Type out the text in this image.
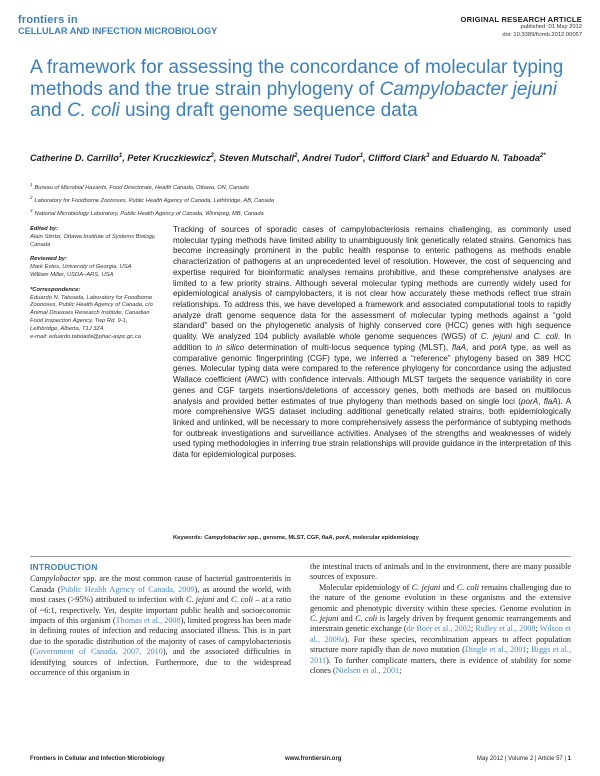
frontiers in
CELLULAR AND INFECTION MICROBIOLOGY
ORIGINAL RESEARCH ARTICLE
published: 01 May 2012
doi: 10.3389/fcimb.2012.00057
A framework for assessing the concordance of molecular typing methods and the true strain phylogeny of Campylobacter jejuni and C. coli using draft genome sequence data
Catherine D. Carrillo$^1$, Peter Kruczkiewicz$^2$, Steven Mutschall$^2$, Andrei Tudor$^1$, Clifford Clark$^3$ and Eduardo N. Taboada$^{2*}$
$^1$Bureau of Microbial Hazards, Food Directorate, Health Canada, Ottawa, ON, Canada
$^2$Laboratory for Foodborne Zoonoses, Public Health Agency of Canada, Lethbridge, AB, Canada
$^3$National Microbiology Laboratory, Public Health Agency of Canada, Winnipeg, MB, Canada
Edited by:
Alain Stintzi, Ottawa Institute of Systems Biology, Canada
Reviewed by:
Mark Estes, University of Georgia, USA
William Miller, USDA–ARS, USA
*Correspondence:
Eduardo N. Taboada, Laboratory for Foodborne Zoonoses, Public Health Agency of Canada, c/o Animal Diseases Research Institute, Canadian Food Inspection Agency, Twp Rd. 9-1, Lethbridge, Alberta, T1J 3Z4.
e-mail: eduardo.taboada@phac-aspc.gc.ca
Tracking of sources of sporadic cases of campylobacteriosis remains challenging, as commonly used molecular typing methods have limited ability to unambiguously link genetically related strains. Genomics has become increasingly prominent in the public health response to enteric pathogens as methods enable characterization of pathogens at an unprecedented level of resolution. However, the cost of sequencing and expertise required for bioinformatic analyses remains prohibitive, and these comprehensive analyses are limited to a few priority strains. Although several molecular typing methods are currently widely used for epidemiological analysis of campylobacters, it is not clear how accurately these methods reflect true strain relationships. To address this, we have developed a framework and associated computational tools to rapidly analyze draft genome sequence data for the assessment of molecular typing methods against a “gold standard” based on the phylogenetic analysis of highly conserved core (HCC) genes with high sequence quality. We analyzed 104 publicly available whole genome sequences (WGS) of C. jejuni and C. coli. In addition to in silico determination of multi-locus sequence typing (MLST), flaA, and porA type, as well as comparative genomic fingerprinting (CGF) type, we inferred a “reference” phylogeny based on 389 HCC genes. Molecular typing data were compared to the reference phylogeny for concordance using the adjusted Wallace coefficient (AWC) with confidence intervals. Although MLST targets the sequence variability in core genes and CGF targets insertions/deletions of accessory genes, both methods are based on multilocus analysis and provided better estimates of true phylogeny than methods based on single loci (porA, flaA). A more comprehensive WGS dataset including additional genetically related strains, both epidemiologically linked and unlinked, will be necessary to more comprehensively assess the performance of subtyping methods for outbreak investigations and surveillance activities. Analyses of the strengths and weaknesses of widely used typing methodologies in inferring true strain relationships will provide guidance in the interpretation of this data for epidemiological purposes.
Keywords: Campylobacter spp., genome, MLST, CGF, flaA, porA, molecular epidemiology
INTRODUCTION

Campylobacter spp. are the most common cause of bacterial gastroenteritis in Canada (Public Health Agency of Canada, 2009), as around the world, with most cases (>95%) attributed to infection with C. jejuni and C. coli – at a ratio of ~6:1, respectively. Yet, despite important public health and socioeconomic impacts of this organism (Thomas et al., 2008), limited progress has been made in defining routes of infection and reducing associated illness. This is in part due to the sporadic distribution of the majority of cases of campylobacteriosis (Government of Canada, 2007, 2010), and the associated difficulties in identifying sources of infection. Furthermore, due to the widespread occurrence of this organism in

the intestinal tracts of animals and in the environment, there are many possible sources of exposure.

Molecular epidemiology of C. jejuni and C. coli remains challenging due to the nature of the genome evolution in these organisms and the extensive genomic and phenotypic diversity within these species. Genome evolution in C. jejuni and C. coli is largely driven by frequent genomic rearrangements and interstrain genetic exchange (de Boer et al., 2002; Ridley et al., 2008; Wilson et al., 2009a). For these species, recombination appears to affect population structure more rapidly than de novo mutation (Dingle et al., 2001; Biggs et al., 2011). To further complicate matters, there is evidence of stability for some clones (Nielsen et al., 2001;

Frontiers in Cellular and Infection Microbiology	www.frontiersin.org	May 2012 | Volume 2 | Article 57 | 1
